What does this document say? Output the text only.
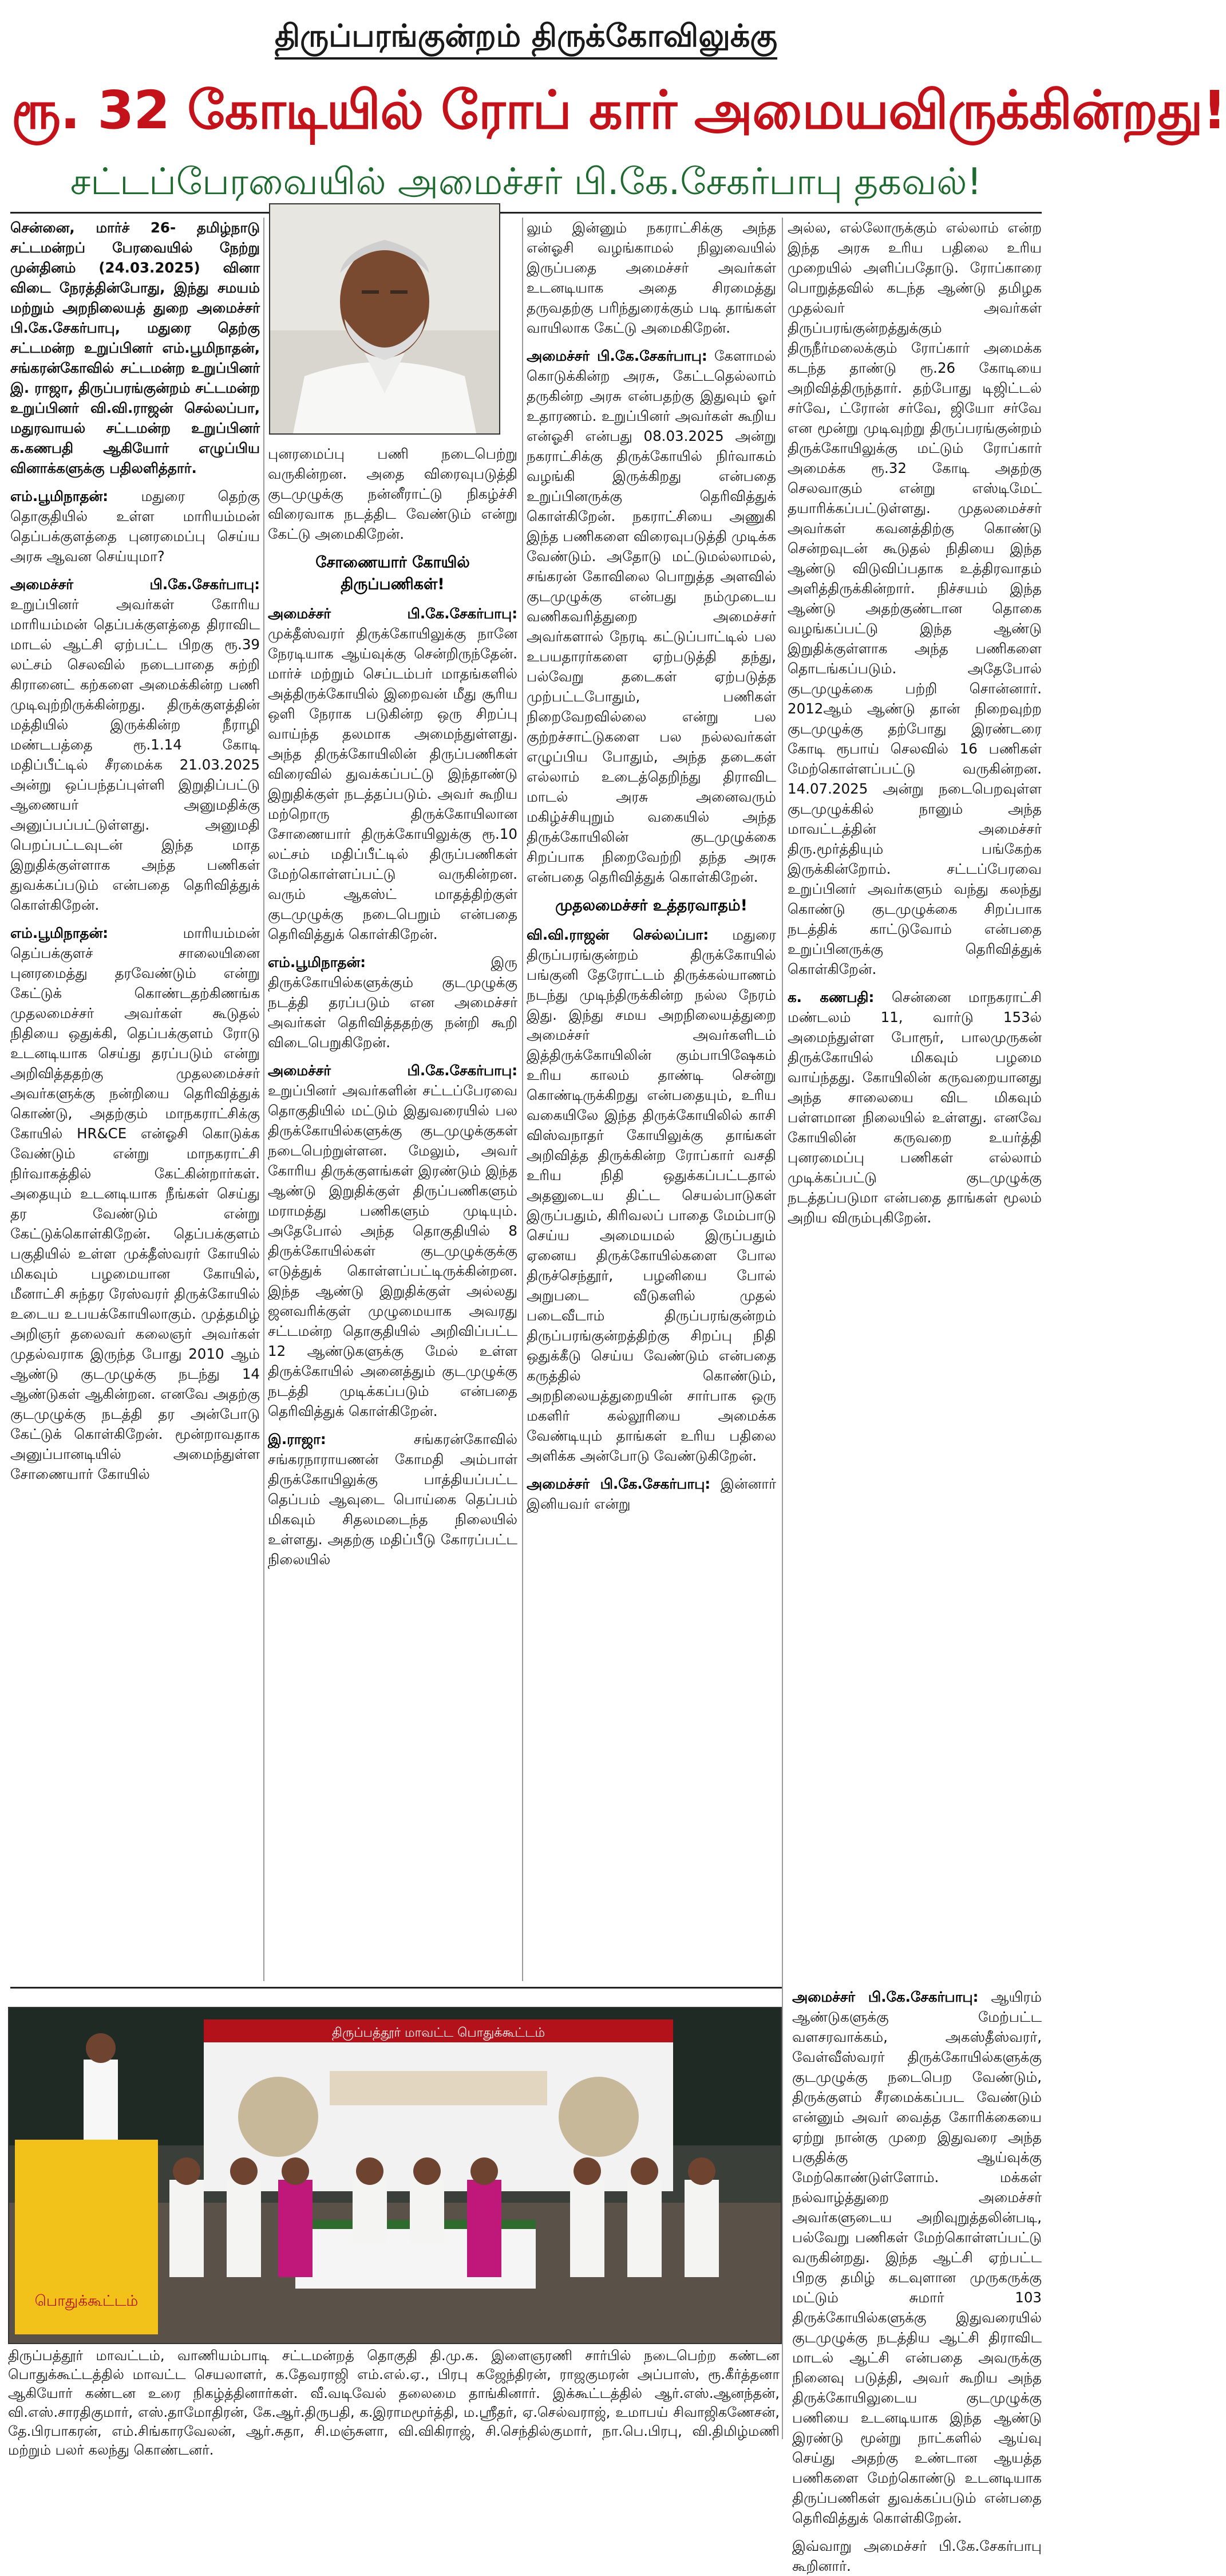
திருப்பரங்குன்றம் திருக்கோவிலுக்கு
ரூ. 32 கோடியில் ரோப் கார் அமையவிருக்கின்றது!
சட்டப்பேரவையில் அமைச்சர் பி.கே.சேகர்பாபு தகவல்!

சென்னை, மார்ச் 26- தமிழ்நாடு சட்டமன்றப் பேரவையில் நேற்று முன்தினம் (24.03.2025) வினா விடை நேரத்தின்போது, இந்து சமயம் மற்றும் அறநிலையத் துறை அமைச்சர் பி.கே.சேகர்பாபு, மதுரை தெற்கு சட்டமன்ற உறுப்பினர் எம்.பூமிநாதன், சங்கரன்கோவில் சட்டமன்ற உறுப்பினர் இ. ராஜா, திருப்பரங்குன்றம் சட்டமன்ற உறுப்பினர் வி.வி.ராஜன் செல்லப்பா, மதுரவாயல் சட்டமன்ற உறுப்பினர் க.கணபதி ஆகியோர் எழுப்பிய வினாக்களுக்கு பதிலளித்தார்.

எம்.பூமிநாதன்: மதுரை தெற்கு தொகுதியில் உள்ள மாரியம்மன் தெப்பக்குளத்தை புனரமைப்பு செய்ய அரசு ஆவன செய்யுமா?

அமைச்சர் பி.கே.சேகர்பாபு: உறுப்பினர் அவர்கள் கோரிய மாரியம்மன் தெப்பக்குளத்தை திராவிட மாடல் ஆட்சி ஏற்பட்ட பிறகு ரூ.39 லட்சம் செலவில் நடைபாதை சுற்றி கிரானைட் கற்களை அமைக்கின்ற பணி முடிவுற்றிருக்கின்றது. திருக்குளத்தின் மத்தியில் இருக்கின்ற நீராழி மண்டபத்தை ரூ.1.14 கோடி மதிப்பீட்டில் சீரமைக்க 21.03.2025 அன்று ஒப்பந்தப்புள்ளி இறுதிப்பட்டு ஆணையர் அனுமதிக்கு அனுப்பப்பட்டுள்ளது. அனுமதி பெறப்பட்டவுடன் இந்த மாத இறுதிக்குள்ளாக அந்த பணிகள் துவக்கப்படும் என்பதை தெரிவித்துக் கொள்கிறேன்.

எம்.பூமிநாதன்:	மாரியம்மன் தெப்பக்குளச் சாலையினை புனரமைத்து தரவேண்டும் என்று கேட்டுக் கொண்டதற்கிணங்க முதலமைச்சர் அவர்கள் கூடுதல் நிதியை ஒதுக்கி, தெப்பக்குளம் ரோடு உடனடியாக செய்து தரப்படும் என்று அறிவித்ததற்கு முதலமைச்சர் அவர்களுக்கு நன்றியை தெரிவித்துக் கொண்டு, அதற்கும் மாநகராட்சிக்கு கோயில் HR&CE என்ஓசி கொடுக்க வேண்டும் என்று மாநகராட்சி நிர்வாகத்தில் கேட்கின்றார்கள். அதையும் உடனடியாக நீங்கள் செய்து தர வேண்டும் என்று கேட்டுக்கொள்கிறேன். தெப்பக்குளம் பகுதியில் உள்ள முக்தீஸ்வரர் கோயில் மிகவும் பழமையான கோயில், மீனாட்சி சுந்தர ரேஸ்வரர் திருக்கோயில் உடைய உபயக்கோயிலாகும். முத்தமிழ் அறிஞர் தலைவர் கலைஞர் அவர்கள் முதல்வராக இருந்த போது 2010 ஆம் ஆண்டு குடமுழுக்கு நடந்து 14 ஆண்டுகள் ஆகின்றன. எனவே அதற்கு குடமுழுக்கு நடத்தி தர அன்போடு கேட்டுக் கொள்கிறேன். மூன்றாவதாக அனுப்பானடியில் அமைந்துள்ள சோணையார் கோயில்

புனரமைப்பு பணி நடைபெற்று வருகின்றன. அதை விரைவுபடுத்தி குடமுழுக்கு நன்னீராட்டு நிகழ்ச்சி விரைவாக நடத்திட வேண்டும் என்று கேட்டு அமைகிறேன்.

சோணையார் கோயில் திருப்பணிகள்!

அமைச்சர் பி.கே.சேகர்பாபு: முக்தீஸ்வரர் திருக்கோயிலுக்கு நானே நேரடியாக ஆய்வுக்கு சென்றிருந்தேன். மார்ச் மற்றும் செப்டம்பர் மாதங்களில் அத்திருக்கோயில் இறைவன் மீது சூரிய ஒளி நேராக படுகின்ற ஒரு சிறப்பு வாய்ந்த தலமாக அமைந்துள்ளது. அந்த திருக்கோயிலின் திருப்பணிகள் விரைவில் துவக்கப்பட்டு இந்தாண்டு இறுதிக்குள் நடத்தப்படும். அவர் கூறிய மற்றொரு திருக்கோயிலான சோணையார் திருக்கோயிலுக்கு ரூ.10 லட்சம் மதிப்பீட்டில் திருப்பணிகள் மேற்கொள்ளப்பட்டு வருகின்றன. வரும் ஆகஸ்ட் மாதத்திற்குள் குடமுழுக்கு நடைபெறும் என்பதை தெரிவித்துக் கொள்கிறேன்.

எம்.பூமிநாதன்:	இரு திருக்கோயில்களுக்கும் குடமுழுக்கு நடத்தி தரப்படும் என அமைச்சர் அவர்கள் தெரிவித்ததற்கு நன்றி கூறி விடைபெறுகிறேன்.

அமைச்சர் பி.கே.சேகர்பாபு: உறுப்பினர் அவர்களின் சட்டப்பேரவை தொகுதியில் மட்டும் இதுவரையில் பல திருக்கோயில்களுக்கு குடமுழுக்குகள் நடைபெற்றுள்ளன. மேலும், அவர் கோரிய திருக்குளங்கள் இரண்டும் இந்த ஆண்டு இறுதிக்குள் திருப்பணிகளும் மராமத்து பணிகளும் முடியும். அதேபோல் அந்த தொகுதியில் 8 திருக்கோயில்கள் குடமுழுக்குக்கு எடுத்துக் கொள்ளப்பட்டிருக்கின்றன. இந்த ஆண்டு இறுதிக்குள் அல்லது ஜனவரிக்குள் முழுமையாக அவரது சட்டமன்ற தொகுதியில் அறிவிப்பட்ட 12 ஆண்டுகளுக்கு மேல் உள்ள திருக்கோயில் அனைத்தும் குடமுழுக்கு நடத்தி முடிக்கப்படும் என்பதை தெரிவித்துக் கொள்கிறேன்.

இ.ராஜா:	சங்கரன்கோவில் சங்கரநாராயணன் கோமதி அம்பாள் திருக்கோயிலுக்கு பாத்தியப்பட்ட தெப்பம் ஆவுடை பொய்கை தெப்பம் மிகவும் சிதலமடைந்த நிலையில் உள்ளது. அதற்கு மதிப்பீடு கோரப்பட்ட நிலையில்

லும் இன்னும் நகராட்சிக்கு அந்த என்ஓசி வழங்காமல் நிலுவையில் இருப்பதை அமைச்சர் அவர்கள் உடனடியாக அதை சிரமைத்து தருவதற்கு பரிந்துரைக்கும் படி தாங்கள் வாயிலாக கேட்டு அமைகிறேன்.

அமைச்சர் பி.கே.சேகர்பாபு: கேளாமல் கொடுக்கின்ற அரசு, கேட்டதெல்லாம் தருகின்ற அரசு என்பதற்கு இதுவும் ஓர் உதாரணம். உறுப்பினர் அவர்கள் கூறிய என்ஓசி என்பது 08.03.2025 அன்று நகராட்சிக்கு திருக்கோயில் நிர்வாகம் வழங்கி இருக்கிறது என்பதை உறுப்பினருக்கு தெரிவித்துக் கொள்கிறேன். நகராட்சியை அணுகி இந்த பணிகளை விரைவுபடுத்தி முடிக்க வேண்டும். அதோடு மட்டுமல்லாமல், சங்கரன் கோவிலை பொறுத்த அளவில் குடமுழுக்கு என்பது நம்முடைய வணிகவரித்துறை அமைச்சர் அவர்களால் நேரடி கட்டுப்பாட்டில் பல உபயதாரர்களை ஏற்படுத்தி தந்து, பல்வேறு தடைகள் ஏற்படுத்த முற்பட்டபோதும், பணிகள் நிறைவேறவில்லை என்று பல குற்றச்சாட்டுகளை பல நல்லவர்கள் எழுப்பிய போதும், அந்த தடைகள் எல்லாம் உடைத்தெறிந்து திராவிட மாடல் அரசு அனைவரும் மகிழ்ச்சியுறும் வகையில் அந்த திருக்கோயிலின் குடமுழுக்கை சிறப்பாக நிறைவேற்றி தந்த அரசு என்பதை தெரிவித்துக் கொள்கிறேன்.

முதலமைச்சர் உத்தரவாதம்!

வி.வி.ராஜன் செல்லப்பா: மதுரை திருப்பரங்குன்றம் திருக்கோயில் பங்குனி தேரோட்டம் திருக்கல்யாணம் நடந்து முடிந்திருக்கின்ற நல்ல நேரம் இது. இந்து சமய அறநிலையத்துறை அமைச்சர் அவர்களிடம் இத்திருக்கோயிலின் கும்பாபிஷேகம் உரிய காலம் தாண்டி சென்று கொண்டிருக்கிறது என்பதையும், உரிய வகையிலே இந்த திருக்கோயிலில் காசி விஸ்வநாதர் கோயிலுக்கு தாங்கள் அறிவித்த திருக்கின்ற ரோப்கார் வசதி உரிய நிதி ஒதுக்கப்பட்டதால் அதனுடைய திட்ட செயல்பாடுகள் இருப்பதும், கிரிவலப் பாதை மேம்பாடு செய்ய அமையமல் இருப்பதும் ஏனைய திருக்கோயில்களை போல திருச்செந்தூர், பழனியை போல் அறுபடை வீடுகளில் முதல் படைவீடாம் திருப்பரங்குன்றம் திருப்பரங்குன்றத்திற்கு சிறப்பு நிதி ஒதுக்கீடு செய்ய வேண்டும் என்பதை கருத்தில் கொண்டும், அறநிலையத்துறையின் சார்பாக ஒரு மகளிர் கல்லூரியை அமைக்க வேண்டியும் தாங்கள் உரிய பதிலை அளிக்க அன்போடு வேண்டுகிறேன்.

அமைச்சர் பி.கே.சேகர்பாபு: இன்னார் இனியவர் என்று

அல்ல, எல்லோருக்கும் எல்லாம் என்ற இந்த அரசு உரிய பதிலை உரிய முறையில் அளிப்பதோடு. ரோப்காரை பொறுத்தவில் கடந்த ஆண்டு தமிழக முதல்வர் அவர்கள் திருப்பரங்குன்றத்துக்கும் திருநீர்மலைக்கும் ரோப்கார் அமைக்க கடந்த தாண்டு ரூ.26 கோடியை அறிவித்திருந்தார். தற்போது டிஜிட்டல் சர்வே, ட்ரோன் சர்வே, ஜியோ சர்வே என மூன்று முடிவுற்று திருப்பரங்குன்றம் திருக்கோயிலுக்கு மட்டும் ரோப்கார் அமைக்க ரூ.32 கோடி அதற்கு செலவாகும் என்று எஸ்டிமேட் தயாரிக்கப்பட்டுள்ளது. முதலமைச்சர் அவர்கள் கவனத்திற்கு கொண்டு சென்றவுடன் கூடுதல் நிதியை இந்த ஆண்டு விடுவிப்பதாக உத்திரவாதம் அளித்திருக்கின்றார். நிச்சயம் இந்த ஆண்டு அதற்குண்டான தொகை வழங்கப்பட்டு இந்த ஆண்டு இறுதிக்குள்ளாக அந்த பணிகளை தொடங்கப்படும். அதேபோல் குடமுழுக்கை பற்றி சொன்னார். 2012ஆம் ஆண்டு தான் நிறைவுற்ற குடமுழுக்கு தற்போது இரண்டரை கோடி ரூபாய் செலவில் 16 பணிகள் மேற்கொள்ளப்பட்டு வருகின்றன. 14.07.2025 அன்று நடைபெறவுள்ள குடமுழுக்கில் நானும் அந்த மாவட்டத்தின் அமைச்சர் திரு.மூர்த்தியும் பங்கேற்க இருக்கின்றோம். சட்டப்பேரவை உறுப்பினர் அவர்களும் வந்து கலந்து கொண்டு குடமுழுக்கை சிறப்பாக நடத்திக் காட்டுவோம் என்பதை உறுப்பினருக்கு தெரிவித்துக் கொள்கிறேன்.

க. கணபதி: சென்னை மாநகராட்சி மண்டலம் 11, வார்டு 153ல் அமைந்துள்ள போரூர், பாலமுருகன் திருக்கோயில் மிகவும் பழமை வாய்ந்தது. கோயிலின் கருவறையானது அந்த சாலையை விட மிகவும் பள்ளமான நிலையில் உள்ளது. எனவே கோயிலின் கருவறை உயர்த்தி புனரமைப்பு பணிகள் எல்லாம் முடிக்கப்பட்டு குடமுழுக்கு நடத்தப்படுமா என்பதை தாங்கள் மூலம் அறிய விரும்புகிறேன்.

அமைச்சர் பி.கே.சேகர்பாபு: ஆயிரம் ஆண்டுகளுக்கு மேற்பட்ட வளசரவாக்கம், அகஸ்தீஸ்வரர், வேள்வீஸ்வரர் திருக்கோயில்களுக்கு குடமுழுக்கு நடைபெற வேண்டும், திருக்குளம் சீரமைக்கப்பட வேண்டும் என்னும் அவர் வைத்த கோரிக்கையை ஏற்று நான்கு முறை இதுவரை அந்த பகுதிக்கு ஆய்வுக்கு மேற்கொண்டுள்ளோம். மக்கள் நல்வாழ்த்துறை அமைச்சர் அவர்களுடைய அறிவுறுத்தலின்படி, பல்வேறு பணிகள் மேற்கொள்ளப்பட்டு வருகின்றது. இந்த ஆட்சி ஏற்பட்ட பிறகு தமிழ் கடவுளான முருகருக்கு மட்டும் சுமார் 103 திருக்கோயில்களுக்கு இதுவரையில் குடமுழுக்கு நடத்திய ஆட்சி திராவிட மாடல் ஆட்சி என்பதை அவருக்கு நினைவு படுத்தி, அவர் கூறிய அந்த திருக்கோயிலுடைய குடமுழுக்கு பணியை உடனடியாக இந்த ஆண்டு இரண்டு மூன்று நாட்களில் ஆய்வு செய்து அதற்கு உண்டான ஆயத்த பணிகளை மேற்கொண்டு உடனடியாக திருப்பணிகள் துவக்கப்படும் என்பதை தெரிவித்துக் கொள்கிறேன்.

இவ்வாறு அமைச்சர் பி.கே.சேகர்பாபு கூறினார்.

திருப்பத்தூர் மாவட்ட பொதுக்கூட்டம்
பொதுக்கூட்டம்
திருப்பத்தூர் மாவட்டம், வாணியம்பாடி சட்டமன்றத் தொகுதி தி.மு.க. இளைஞரணி சார்பில் நடைபெற்ற கண்டன பொதுக்கூட்டத்தில் மாவட்ட செயலாளர், க.தேவராஜி எம்.எல்.ஏ., பிரபு கஜேந்திரன், ராஜகுமரன் அப்பாஸ், ரூ.கீர்த்தனா ஆகியோர் கண்டன உரை நிகழ்த்தினார்கள். வீ.வடிவேல் தலைமை தாங்கினார். இக்கூட்டத்தில் ஆர்.எஸ்.ஆனந்தன், வி.எஸ்.சாரதிகுமார், எஸ்.தாமோதிரன், கே.ஆர்.திருபதி, க.இராமமூர்த்தி, ம.ஸ்ரீதர், ஏ.செல்வராஜ், உமாபய் சிவாஜிகணேசன், தே.பிரபாகரன், எம்.சிங்காரவேலன், ஆர்.சுதா, சி.மஞ்சுளா, வி.விகிராஜ், சி.செந்தில்குமார், நா.பெ.பிரபு, வி.திமிழ்மணி மற்றும் பலர் கலந்து கொண்டனர்.
